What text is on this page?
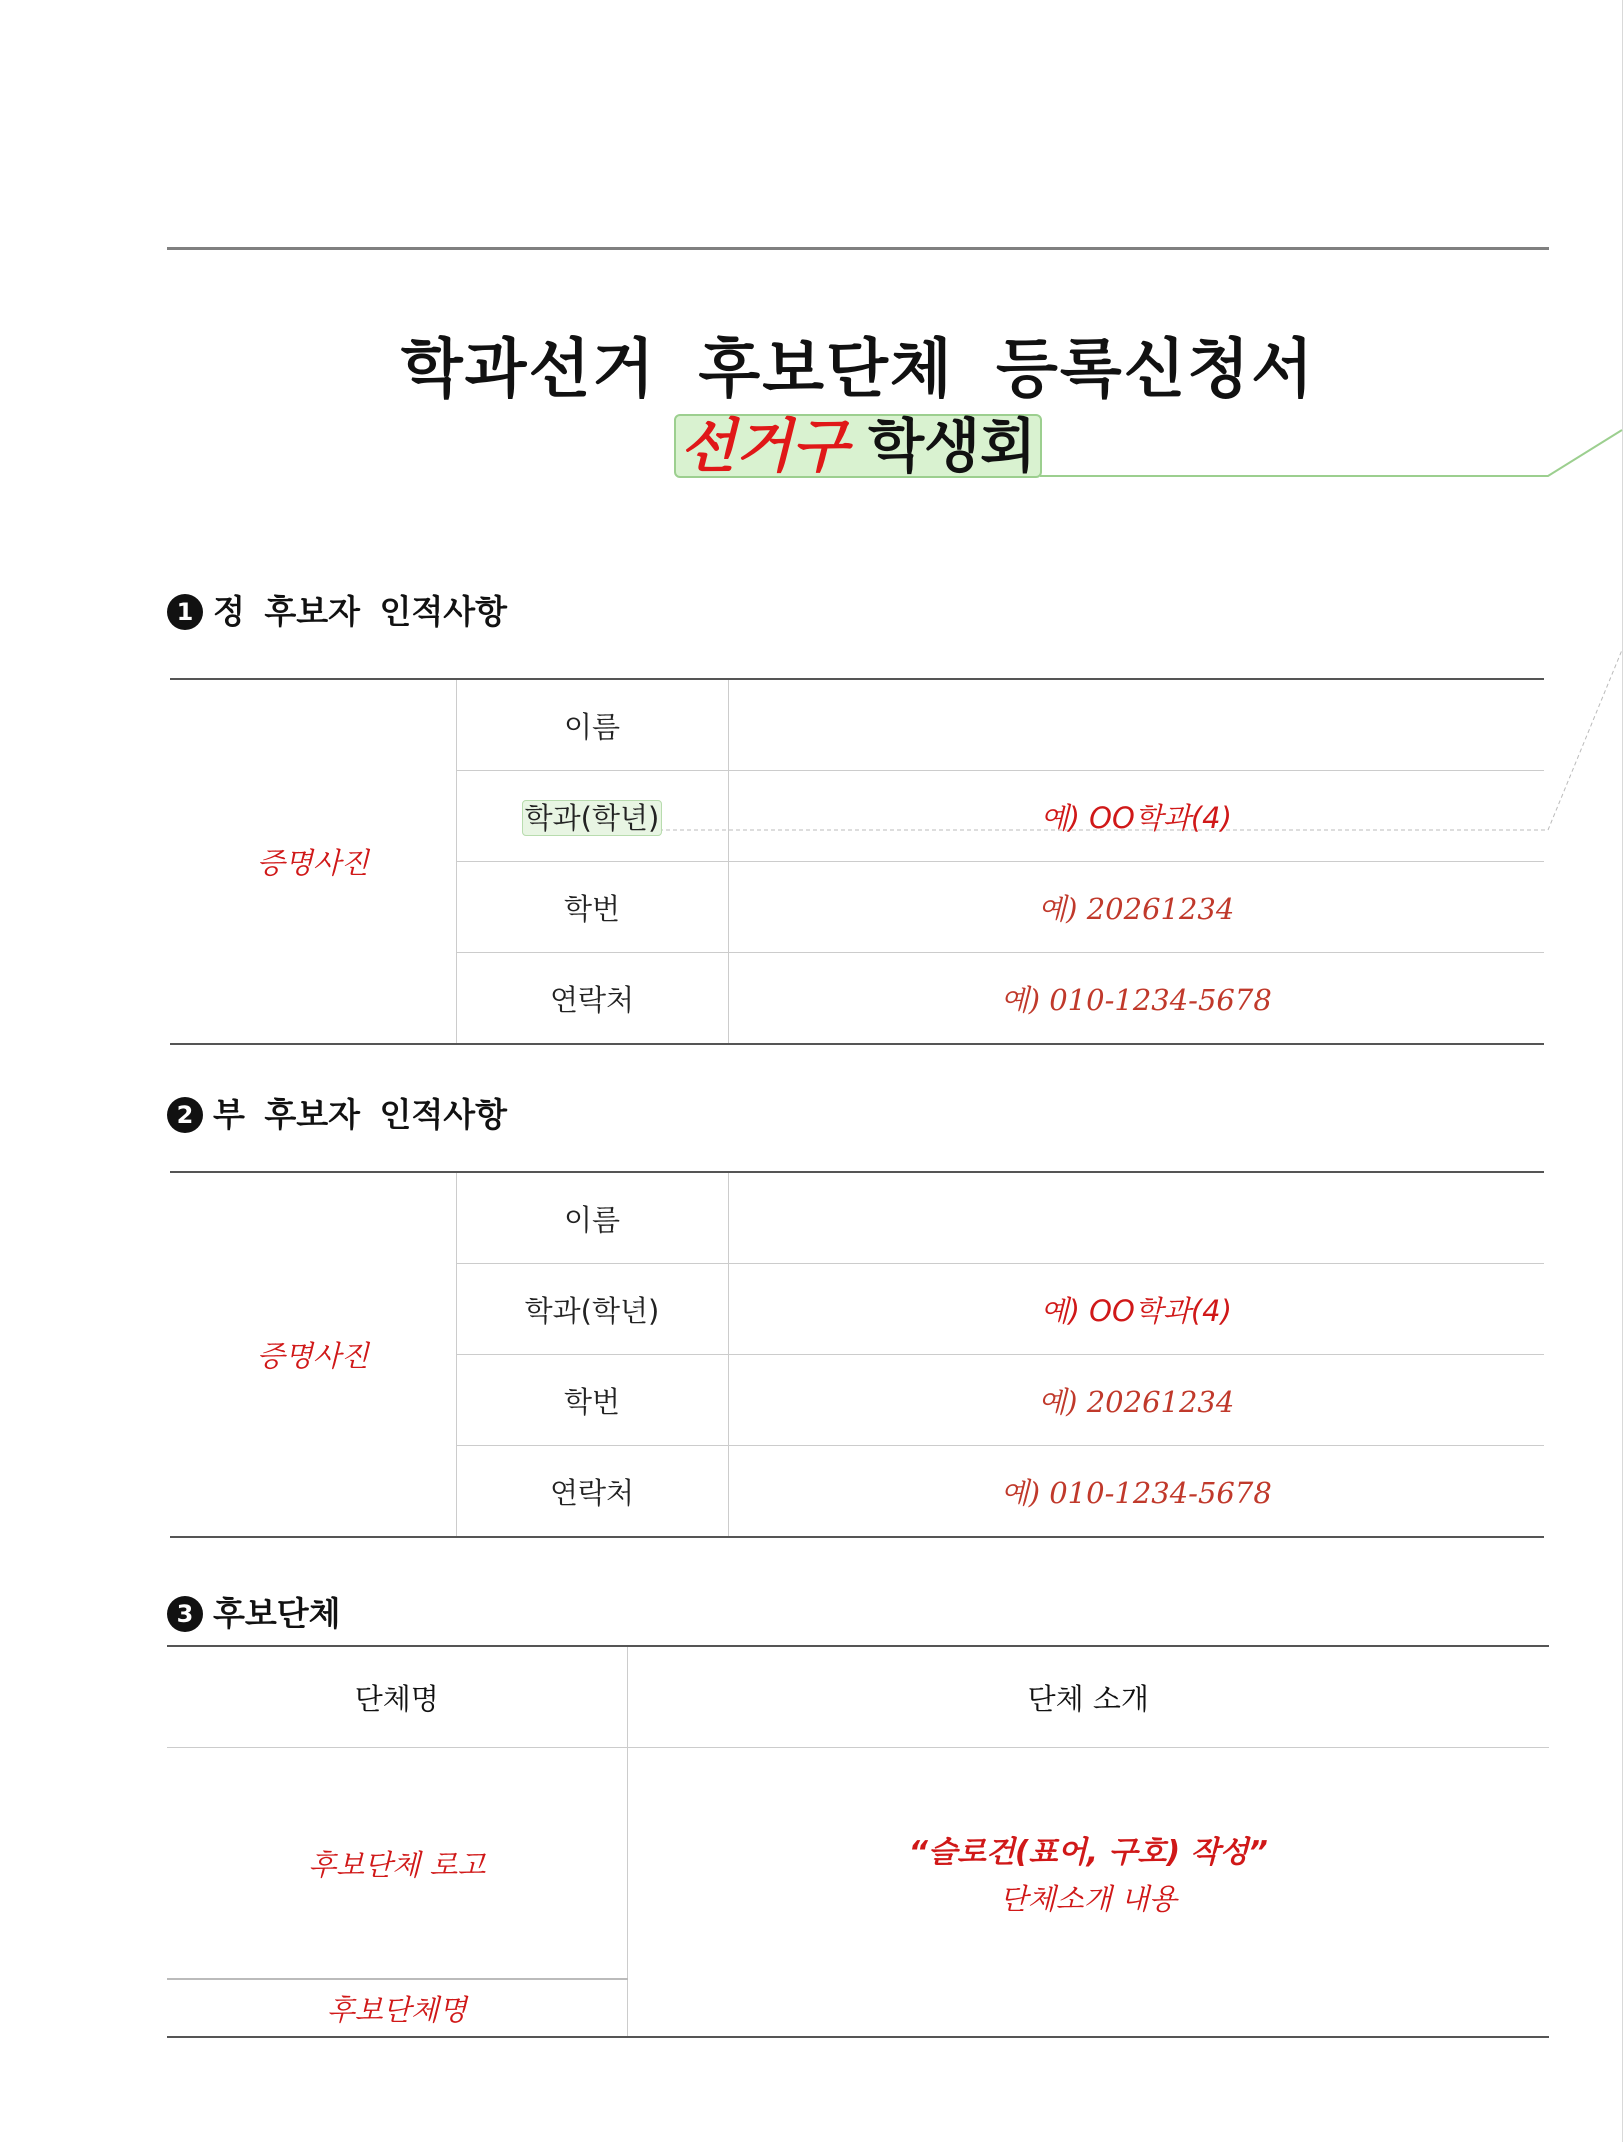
학과선거 후보단체 등록신청서
선거구 학생회
1 정 후보자 인적사항
증명사진	이름	
	학과(학년)	예) OO학과(4)
	학번	예) 20261234
	연락처	예) 010-1234-5678
2 부 후보자 인적사항
증명사진	이름	
	학과(학년)	예) OO학과(4)
	학번	예) 20261234
	연락처	예) 010-1234-5678
3 후보단체
단체명	단체 소개
후보단체 로고	“슬로건(표어, 구호) 작성”
단체소개 내용

후보단체명	
